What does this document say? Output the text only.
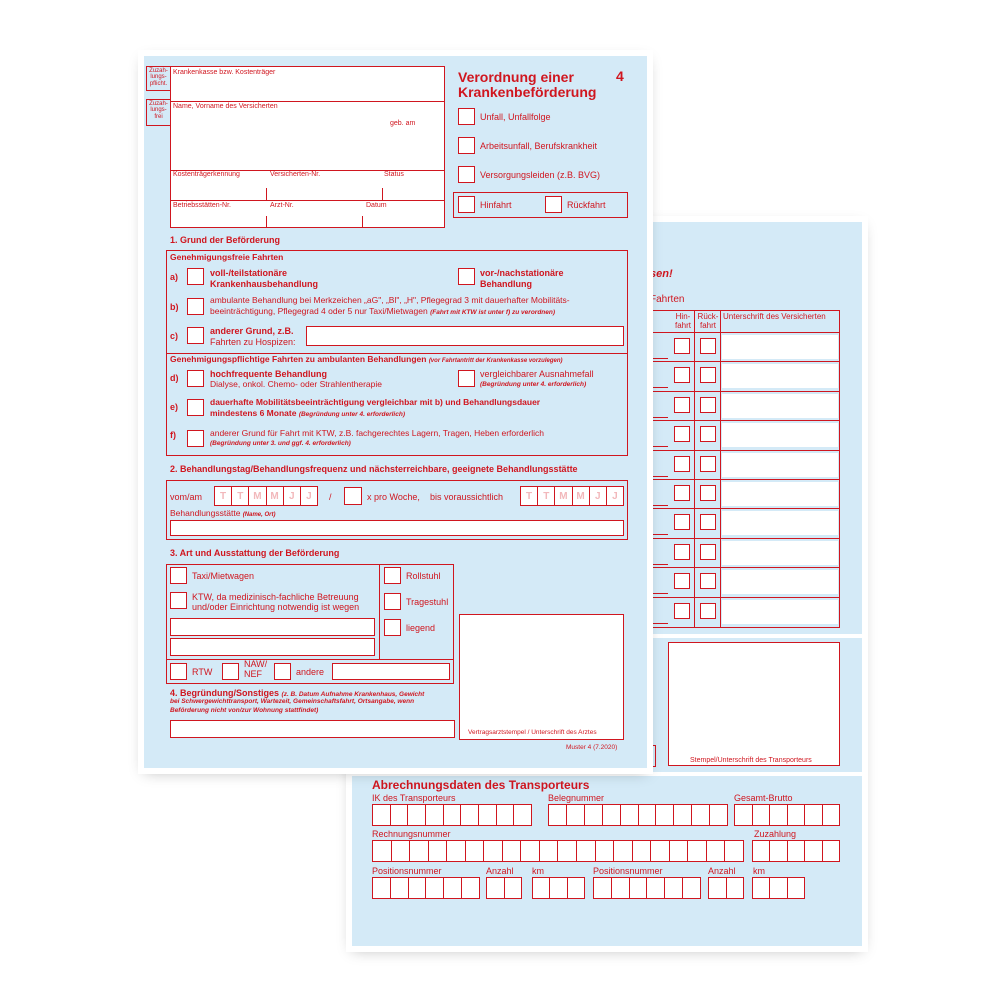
sen!
Fahrten
Hin-
fahrt
Rück-
fahrt
Unterschrift des Versicherten
Stempel/Unterschrift des Transporteurs
Abrechnungsdaten des Transporteurs
IK des Transporteurs	Belegnummer	Gesamt-Brutto
Rechnungsnummer	Zuzahlung
Positionsnummer	Anzahl km	Positionsnummer	Anzahl km
Zuzah-
lungs-
pflicht.
Zuzah-
lungs-
frei
Krankenkasse bzw. Kostenträger
Name, Vorname des Versicherten
geb. am
Kostenträgerkennung	Versicherten-Nr.	Status
Betriebsstätten-Nr.	Arzt-Nr.	Datum
Verordnung einer
Krankenbeförderung
4
Unfall, Unfallfolge
Arbeitsunfall, Berufskrankheit
Versorgungsleiden (z.B. BVG)
Hinfahrt	Rückfahrt
1. Grund der Beförderung
Genehmigungsfreie Fahrten
a)	voll-/teilstationäre
Krankenhausbehandlung
vor-/nachstationäre
Behandlung
b)
ambulante Behandlung bei Merkzeichen „aG", „Bl", „H", Pflegegrad 3 mit dauerhafter Mobilitäts-
beeinträchtigung, Pflegegrad 4 oder 5 nur Taxi/Mietwagen (Fahrt mit KTW ist unter f) zu verordnen)
c)	anderer Grund, z.B.
Fahrten zu Hospizen:
Genehmigungspflichtige Fahrten zu ambulanten Behandlungen (vor Fahrtantritt der Krankenkasse vorzulegen)
d)	hochfrequente Behandlung
Dialyse, onkol. Chemo- oder Strahlentherapie
vergleichbarer Ausnahmefall
(Begründung unter 4. erforderlich)
e)	dauerhafte Mobilitätsbeeinträchtigung vergleichbar mit b) und Behandlungsdauer
mindestens 6 Monate (Begründung unter 4. erforderlich)
f)	anderer Grund für Fahrt mit KTW, z.B. fachgerechtes Lagern, Tragen, Heben erforderlich
(Begründung unter 3. und ggf. 4. erforderlich)
2. Behandlungstag/Behandlungsfrequenz und nächsterreichbare, geeignete Behandlungsstätte
vom/am	T	T M M	J	J	/	x pro Woche, bis voraussichtlich	T	T M M	J	J
Behandlungsstätte (Name, Ort)
3. Art und Ausstattung der Beförderung
Taxi/Mietwagen
KTW, da medizinisch-fachliche Betreuung
und/oder Einrichtung notwendig ist wegen
Rollstuhl
Tragestuhl
liegend
RTW
NAW/
NEF	andere
Vertragsarztstempel / Unterschrift des Arztes
4. Begründung/Sonstiges (z. B. Datum Aufnahme Krankenhaus, Gewicht
bei Schwergewichttransport, Wartezeit, Gemeinschaftsfahrt, Ortsangabe, wenn
Beförderung nicht von/zur Wohnung stattfindet)
Muster 4 (7.2020)
